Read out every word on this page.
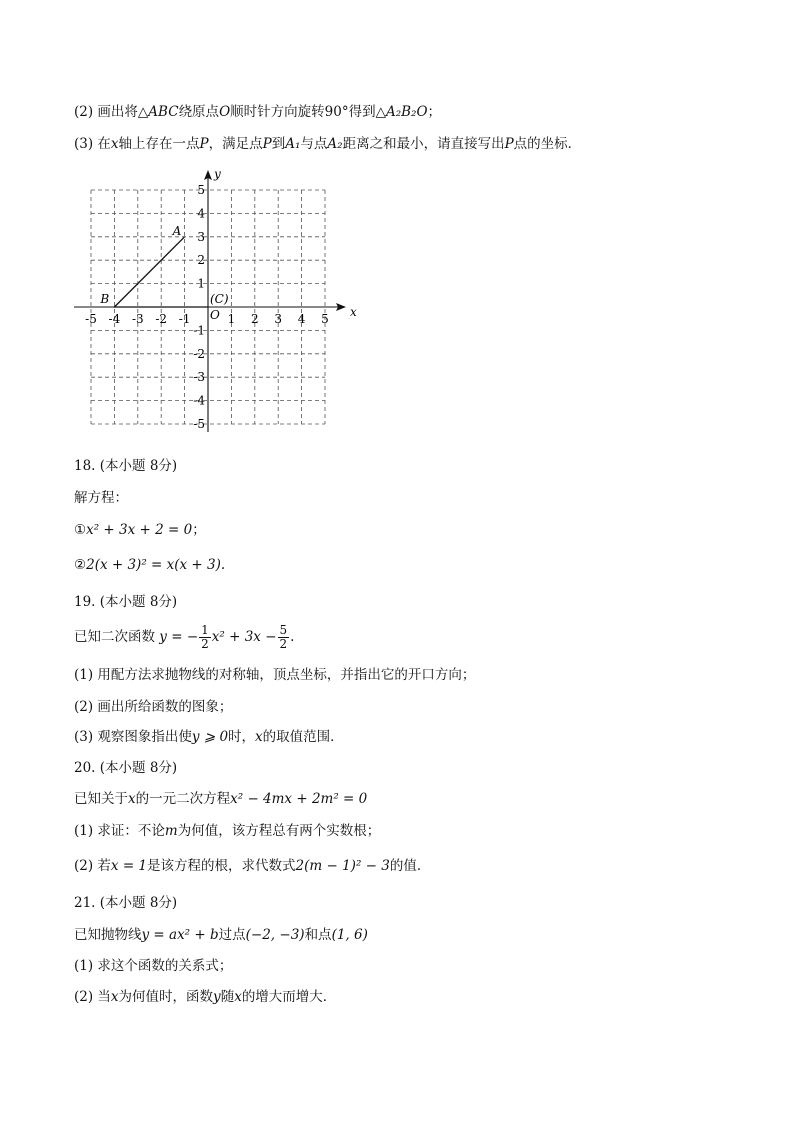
(2) 画出将△ABC绕原点O顺时针方向旋转90°得到△A₂B₂O；
(3) 在x轴上存在一点P，满足点P到A₁与点A₂距离之和最小，请直接写出P点的坐标．
x
y
-5 -4 -3 -2 -1	1 2 3 4 5
5
4
3
2
1
-1
-2
-3
-4
-5
A
B	(C)
O
18. (本小题 8分)
解方程：
①x² + 3x + 2 = 0；
②2(x + 3)² = x(x + 3).
19. (本小题 8分)
已知二次函数 y = − $\frac{1}{2} x^2 + 3x - \frac{5}{2}$ .
(1) 用配方法求抛物线的对称轴，顶点坐标，并指出它的开口方向；
(2) 画出所给函数的图象；
(3) 观察图象指出使y ⩾ 0时，x的取值范围．
20. (本小题 8分)
已知关于x的一元二次方程x² − 4mx + 2m² = 0
(1) 求证：不论m为何值，该方程总有两个实数根；
(2) 若x = 1是该方程的根，求代数式2(m − 1)² − 3的值．
21. (本小题 8分)
已知抛物线y = ax² + b过点(−2, −3)和点(1, 6)
(1) 求这个函数的关系式；
(2) 当x为何值时，函数y随x的增大而增大．
